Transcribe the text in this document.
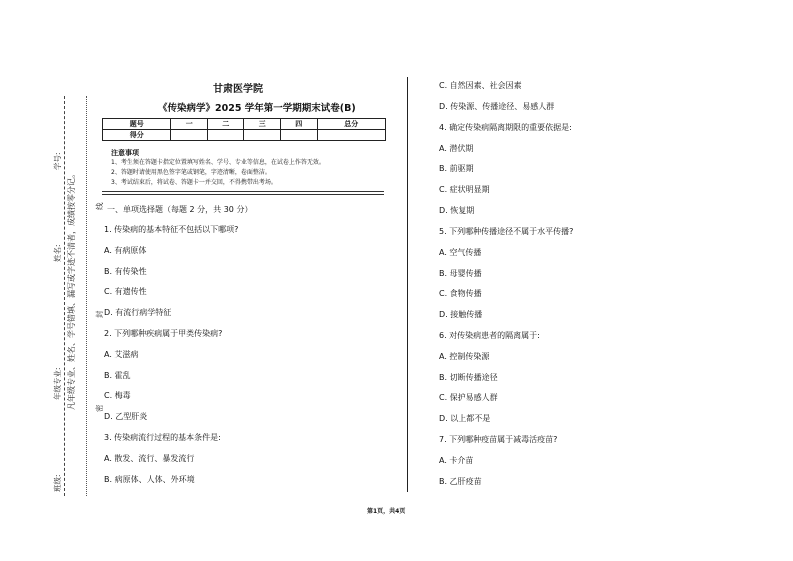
学号:
姓名:
年级专业:
班级:
凡年级专业、姓名、学号错填、漏写或字迹不清者，成绩按零分记。	线
封
密
甘肃医学院
《传染病学》2025 学年第一学期期末试卷(B)
题号	一	二	三	四	总分
得分					
注意事项
1、考生须在答题卡指定位置填写姓名、学号、专业等信息，在试卷上作答无效。
2、答题时请使用黑色签字笔或钢笔，字迹清晰，卷面整洁。
3、考试结束后，将试卷、答题卡一并交回，不得携带出考场。
一、单项选择题（每题 2 分，共 30 分）
1. 传染病的基本特征不包括以下哪项?
A. 有病原体
B. 有传染性
C. 有遗传性
D. 有流行病学特征
2. 下列哪种疾病属于甲类传染病?
A. 艾滋病
B. 霍乱
C. 梅毒
D. 乙型肝炎
3. 传染病流行过程的基本条件是:
A. 散发、流行、暴发流行
B. 病原体、人体、外环境
C. 自然因素、社会因素
D. 传染源、传播途径、易感人群
4. 确定传染病隔离期限的重要依据是:
A. 潜伏期
B. 前驱期
C. 症状明显期
D. 恢复期
5. 下列哪种传播途径不属于水平传播?
A. 空气传播
B. 母婴传播
C. 食物传播
D. 接触传播
6. 对传染病患者的隔离属于:
A. 控制传染源
B. 切断传播途径
C. 保护易感人群
D. 以上都不是
7. 下列哪种疫苗属于减毒活疫苗?
A. 卡介苗
B. 乙肝疫苗
第1页，共4页
